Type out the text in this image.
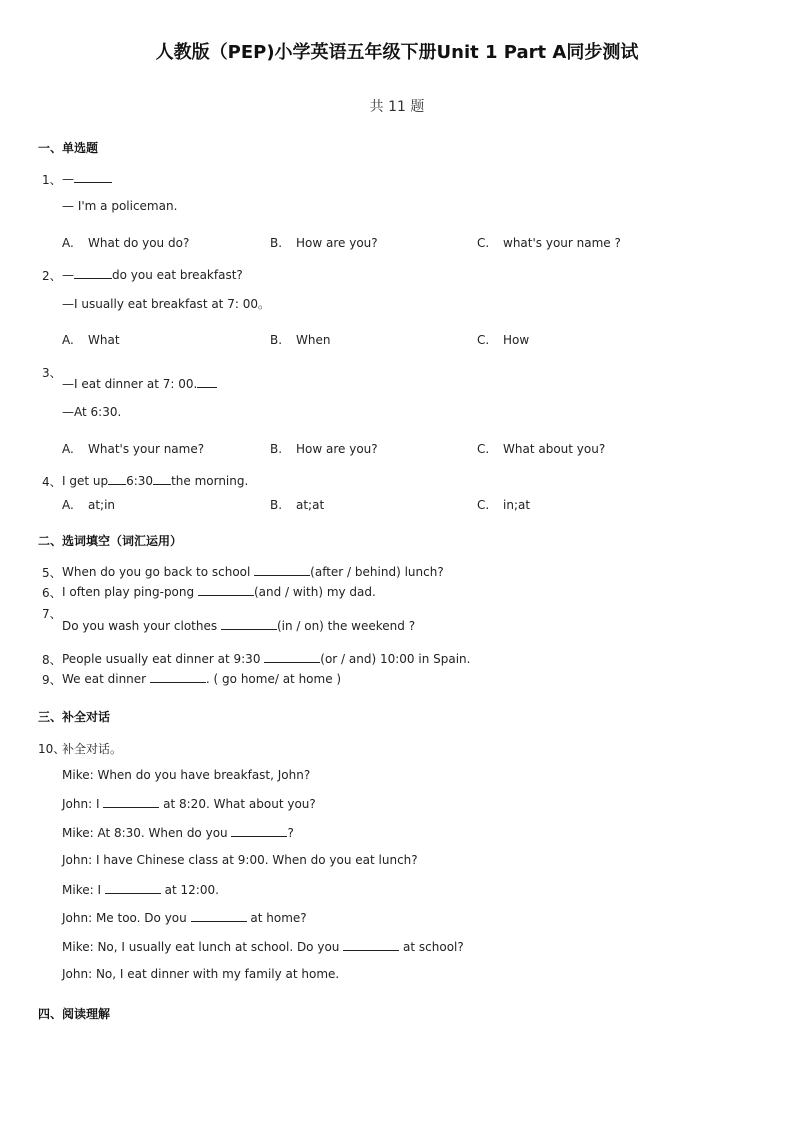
人教版（PEP)小学英语五年级下册Unit 1 Part A同步测试
共 11 题
一、单选题
1、 —
— I'm a policeman.
A. What do you do?	B. How are you?	C. what's your name ?
2、 —	do you eat breakfast?
—I usually eat breakfast at 7: 00。
A. What	B. When	C. How
3、
—I eat dinner at 7: 00.
—At 6:30.
A. What's your name?	B. How are you?	C. What about you?
4、 I get up 6:30 the morning.
A. at;in	B. at;at	C. in;at
二、选词填空（词汇运用）
5、 When do you go back to school	(after / behind) lunch?
6、 I often play ping-pong	(and / with) my dad.
7、
Do you wash your clothes	(in / on) the weekend ?
8、 People usually eat dinner at 9:30	(or / and) 10:00 in Spain.
9、 We eat dinner	. ( go home/ at home )
三、补全对话
10、
补全对话。
Mike: When do you have breakfast, John?
John: I	at 8:20. What about you?
Mike: At 8:30. When do you	?
John: I have Chinese class at 9:00. When do you eat lunch?
Mike: I	at 12:00.
John: Me too. Do you	at home?
Mike: No, I usually eat lunch at school. Do you	at school?
John: No, I eat dinner with my family at home.
四、阅读理解
